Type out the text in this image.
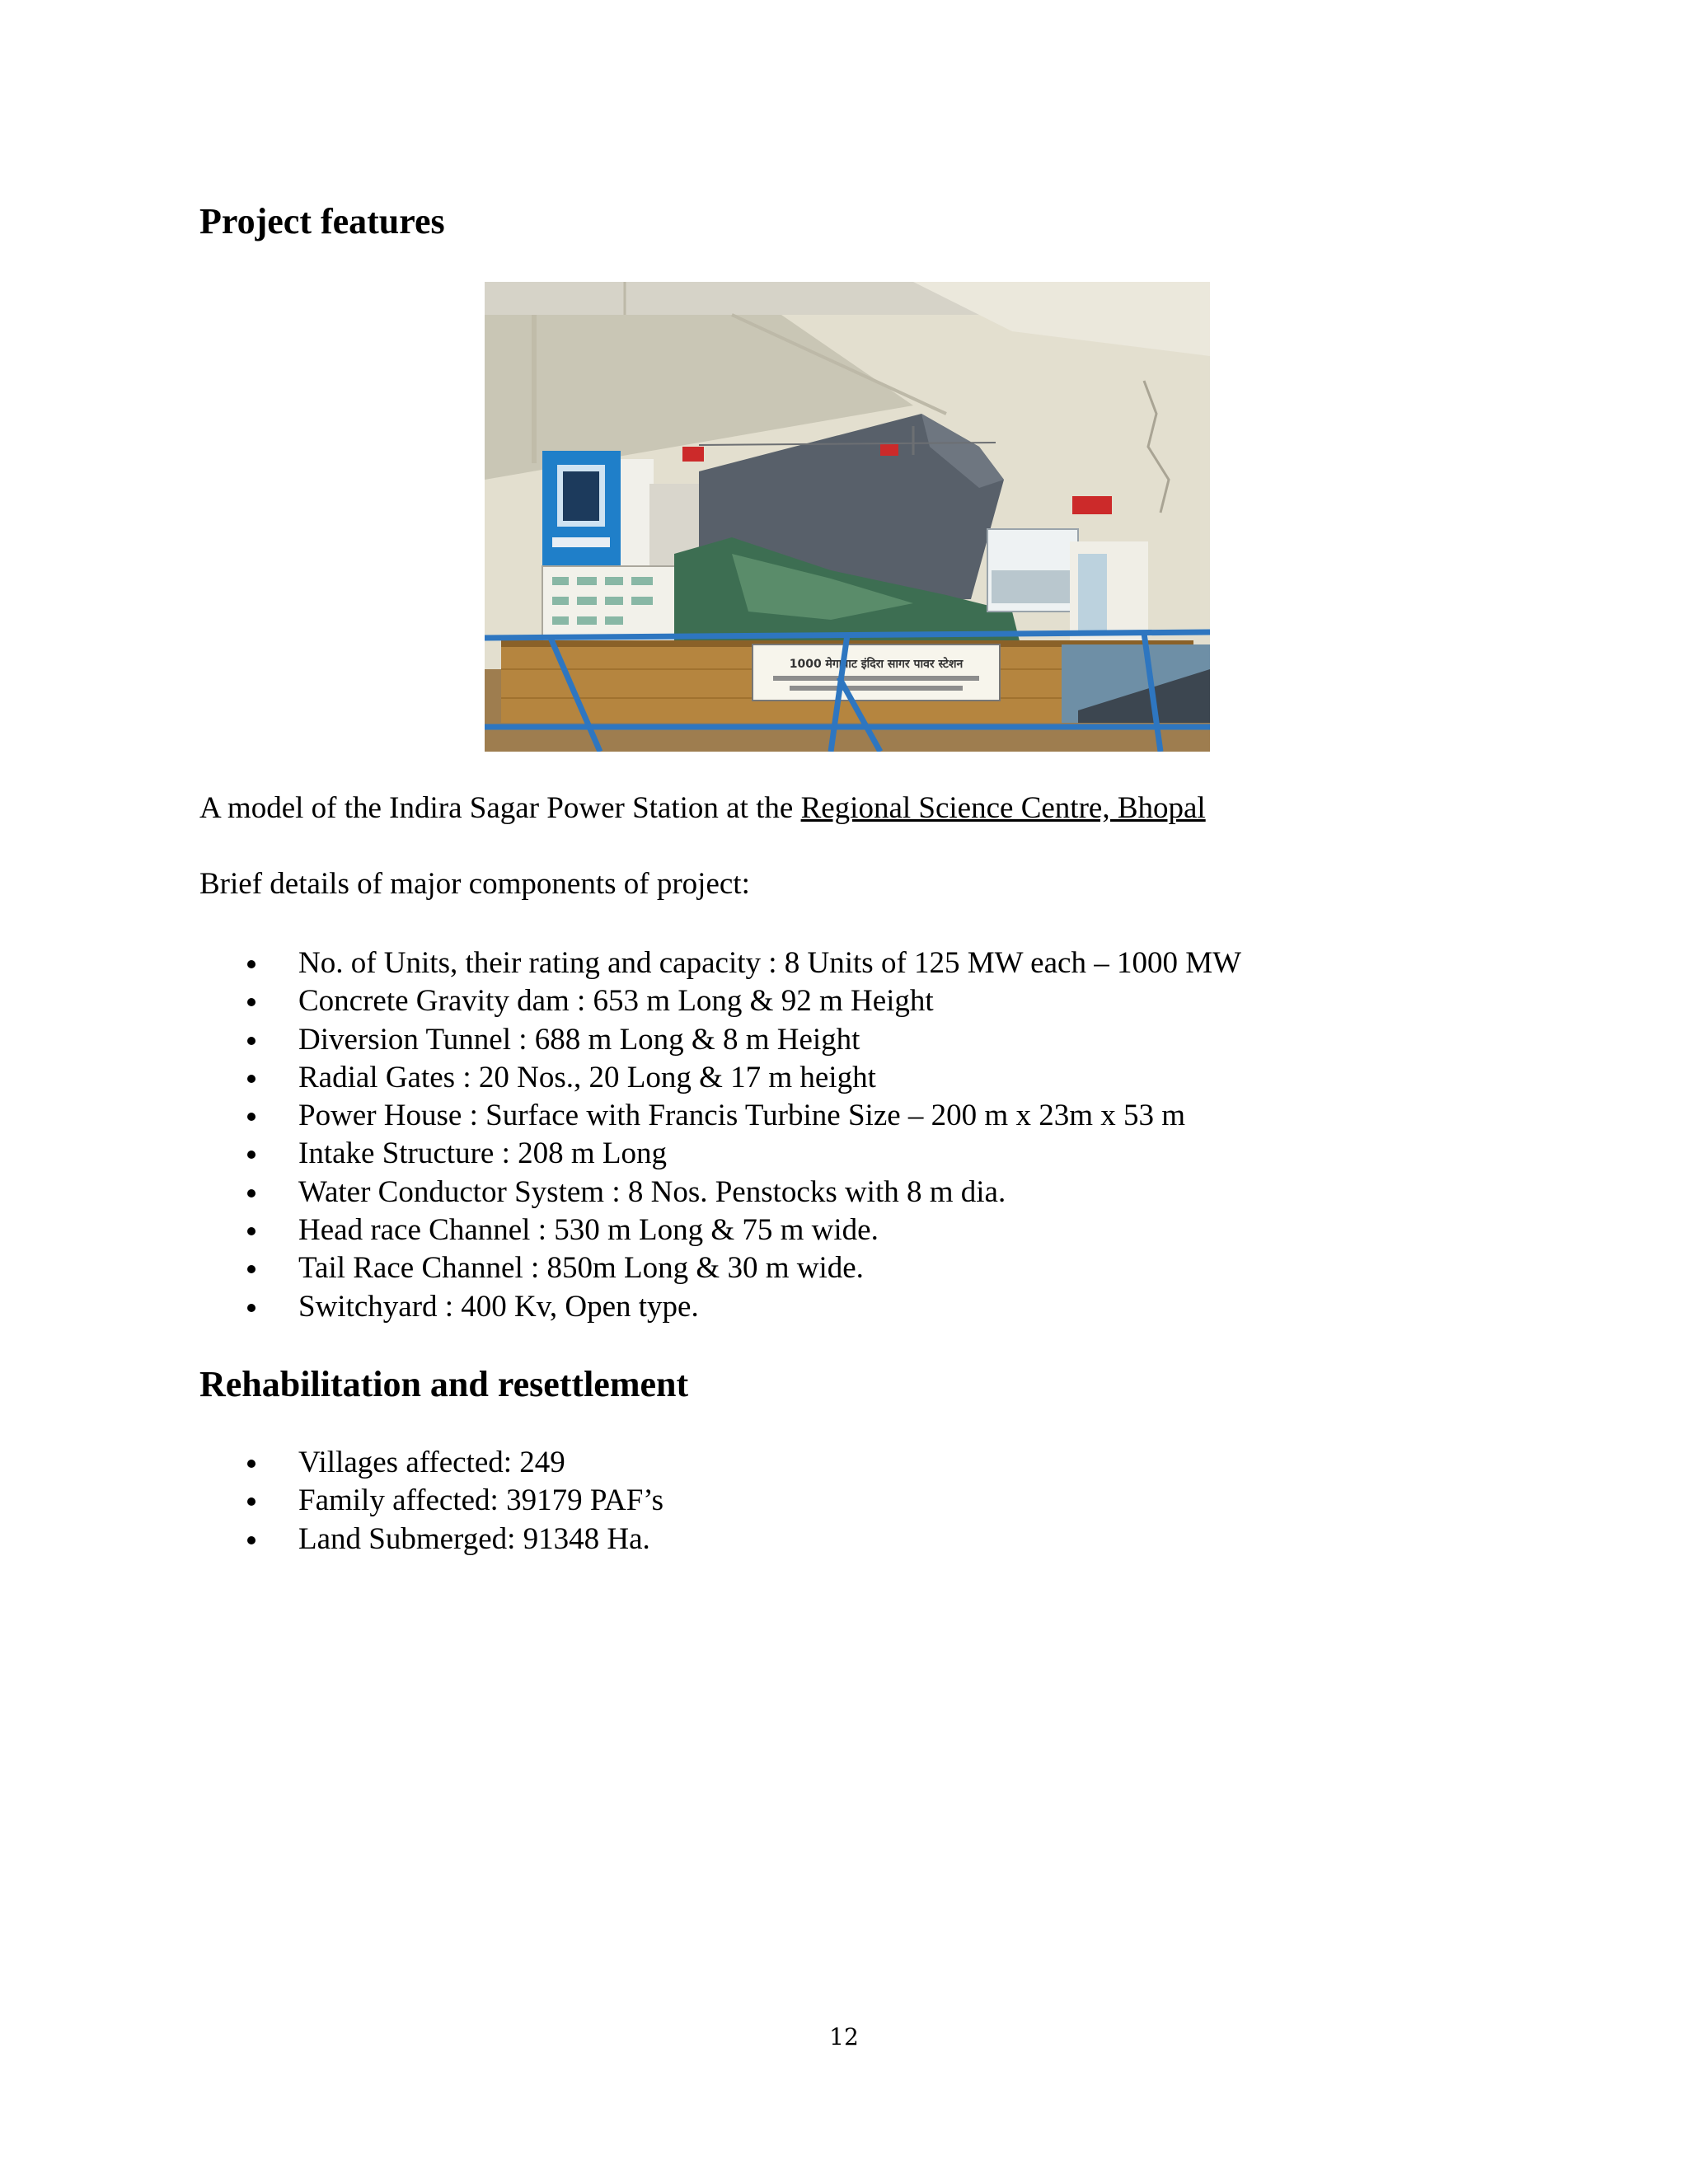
Project features
1000 मेगावाट इंदिरा सागर पावर स्टेशन

A model of the Indira Sagar Power Station at the Regional Science Centre, Bhopal

Brief details of major components of project:

No. of Units, their rating and capacity : 8 Units of 125 MW each – 1000 MW
Concrete Gravity dam : 653 m Long & 92 m Height
Diversion Tunnel : 688 m Long & 8 m Height
Radial Gates : 20 Nos., 20 Long & 17 m height
Power House : Surface with Francis Turbine Size – 200 m x 23m x 53 m
Intake Structure : 208 m Long
Water Conductor System : 8 Nos. Penstocks with 8 m dia.
Head race Channel : 530 m Long & 75 m wide.
Tail Race Channel : 850m Long & 30 m wide.
Switchyard : 400 Kv, Open type.
Rehabilitation and resettlement
Villages affected: 249
Family affected: 39179 PAF’s
Land Submerged: 91348 Ha.
12
